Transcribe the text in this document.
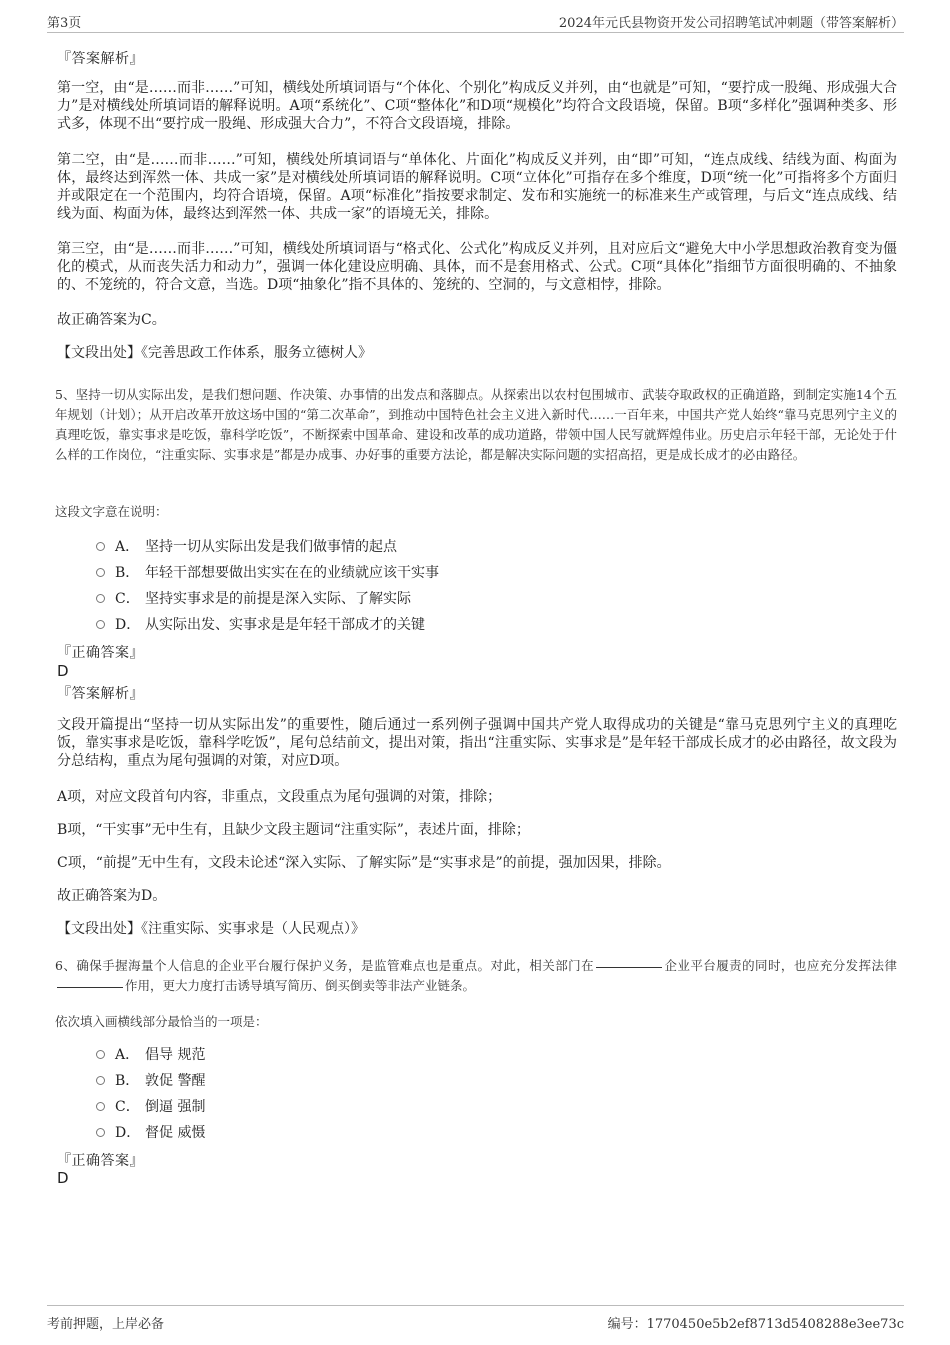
第3页	2024年元氏县物资开发公司招聘笔试冲刺题（带答案解析）
『答案解析』
第一空，由“是……而非……”可知，横线处所填词语与“个体化、个别化”构成反义并列，由“也就是”可知，“要拧成一股绳、形成强大合力”是对横线处所填词语的解释说明。A项“系统化”、C项“整体化”和D项“规模化”均符合文段语境，保留。B项“多样化”强调种类多、形式多，体现不出“要拧成一股绳、形成强大合力”，不符合文段语境，排除。
第二空，由“是……而非……”可知，横线处所填词语与“单体化、片面化”构成反义并列，由“即”可知，“连点成线、结线为面、构面为体，最终达到浑然一体、共成一家”是对横线处所填词语的解释说明。C项“立体化”可指存在多个维度，D项“统一化”可指将多个方面归并或限定在一个范围内，均符合语境，保留。A项“标准化”指按要求制定、发布和实施统一的标准来生产或管理，与后文“连点成线、结线为面、构面为体，最终达到浑然一体、共成一家”的语境无关，排除。
第三空，由“是……而非……”可知，横线处所填词语与“格式化、公式化”构成反义并列，且对应后文“避免大中小学思想政治教育变为僵化的模式，从而丧失活力和动力”，强调一体化建设应明确、具体，而不是套用格式、公式。C项“具体化”指细节方面很明确的、不抽象的、不笼统的，符合文意，当选。D项“抽象化”指不具体的、笼统的、空洞的，与文意相悖，排除。
故正确答案为C。
【文段出处】《完善思政工作体系，服务立德树人》
5、坚持一切从实际出发，是我们想问题、作决策、办事情的出发点和落脚点。从探索出以农村包围城市、武装夺取政权的正确道路，到制定实施14个五年规划（计划）；从开启改革开放这场中国的“第二次革命”，到推动中国特色社会主义进入新时代……一百年来，中国共产党人始终“靠马克思列宁主义的真理吃饭，靠实事求是吃饭，靠科学吃饭”，不断探索中国革命、建设和改革的成功道路，带领中国人民写就辉煌伟业。历史启示年轻干部，无论处于什么样的工作岗位，“注重实际、实事求是”都是办成事、办好事的重要方法论，都是解决实际问题的实招高招，更是成长成才的必由路径。
这段文字意在说明：
A． 坚持一切从实际出发是我们做事情的起点
B． 年轻干部想要做出实实在在的业绩就应该干实事
C． 坚持实事求是的前提是深入实际、了解实际
D． 从实际出发、实事求是是年轻干部成才的关键
『正确答案』
D
『答案解析』
文段开篇提出“坚持一切从实际出发”的重要性，随后通过一系列例子强调中国共产党人取得成功的关键是“靠马克思列宁主义的真理吃饭，靠实事求是吃饭，靠科学吃饭”，尾句总结前文，提出对策，指出“注重实际、实事求是”是年轻干部成长成才的必由路径，故文段为分总结构，重点为尾句强调的对策，对应D项。
A项，对应文段首句内容，非重点，文段重点为尾句强调的对策，排除；
B项，“干实事”无中生有，且缺少文段主题词“注重实际”，表述片面，排除；
C项，“前提”无中生有，文段未论述“深入实际、了解实际”是“实事求是”的前提，强加因果，排除。
故正确答案为D。
【文段出处】《注重实际、实事求是（人民观点）》
6、确保手握海量个人信息的企业平台履行保护义务，是监管难点也是重点。对此，相关部门在	企业平台履责的同时，也应充分发挥法律作用，更大力度打击诱导填写简历、倒买倒卖等非法产业链条。
依次填入画横线部分最恰当的一项是：
A． 倡导 规范
B． 敦促 警醒
C． 倒逼 强制
D． 督促 威慑
『正确答案』
D
考前押题，上岸必备	编号：1770450e5b2ef8713d5408288e3ee73c
